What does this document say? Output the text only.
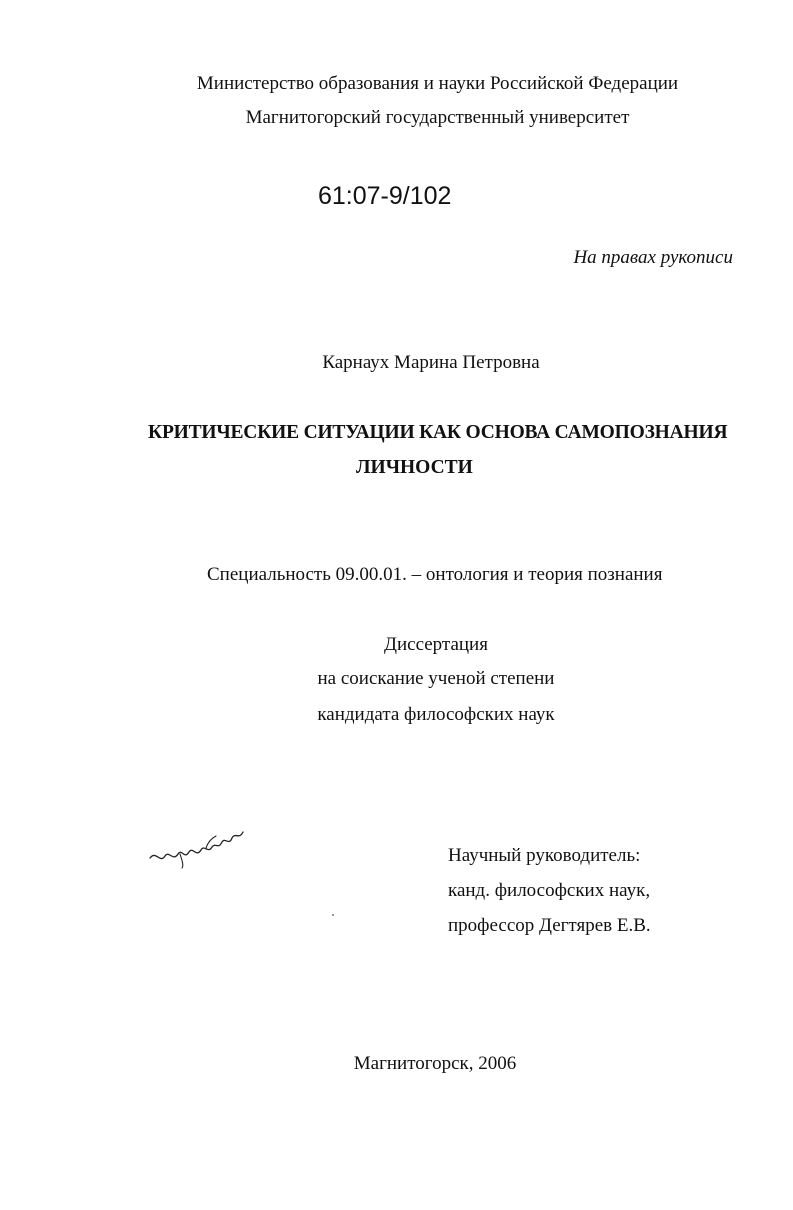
Министерство образования и науки Российской Федерации
Магнитогорский государственный университет
61:07-9/102
На правах рукописи
Карнаух Марина Петровна
КРИТИЧЕСКИЕ СИТУАЦИИ КАК ОСНОВА САМОПОЗНАНИЯ
ЛИЧНОСТИ
Специальность 09.00.01. – онтология и теория познания
Диссертация
на соискание ученой степени
кандидата философских наук
Научный руководитель:
канд. философских наук,
профессор Дегтярев Е.В.
Магнитогорск, 2006
